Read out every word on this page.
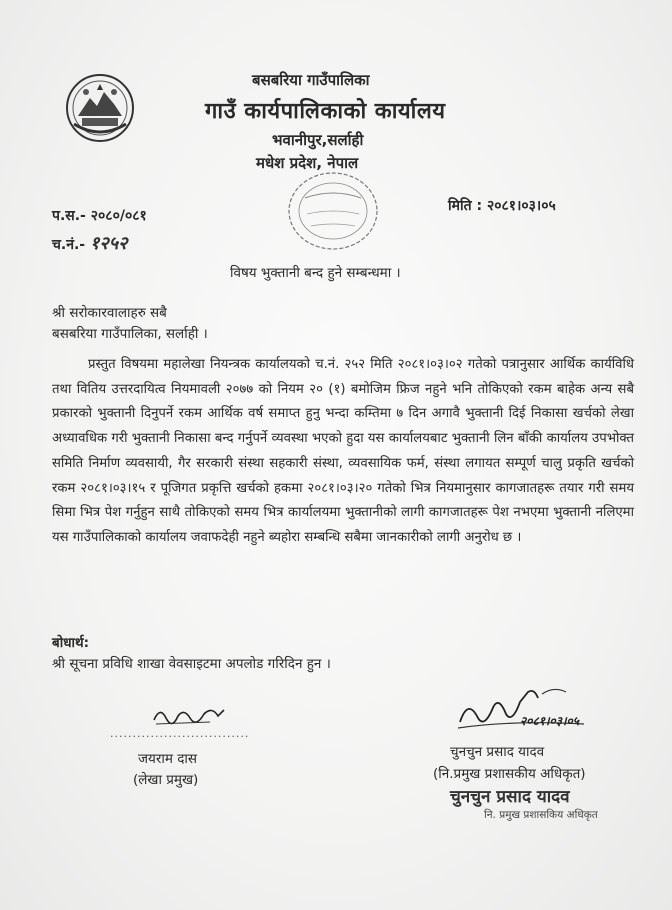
बसबरिया गाउँपालिका
गाउँ कार्यपालिकाको कार्यालय
भवानीपुर,सर्लाही
मधेश प्रदेश, नेपाल
मिति : २०८१।०३।०५
प.स.- २०८०/०८१
च.नं.- १२५२
विषय भुक्तानी बन्द हुने सम्बन्धमा ।
श्री सरोकारवालाहरु सबै
बसबरिया गाउँपालिका, सर्लाही ।
प्रस्तुत विषयमा महालेखा नियन्त्रक कार्यालयको च.नं. २५२ मिति २०८१।०३।०२ गतेको पत्रानुसार आर्थिक कार्यविधि तथा वितिय उत्तरदायित्व नियमावली २०७७ को नियम २० (१) बमोजिम फ्रिज नहुने भनि तोकिएको रकम बाहेक अन्य सबै प्रकारको भुक्तानी दिनुपर्ने रकम आर्थिक वर्ष समाप्त हुनु भन्दा कम्तिमा ७ दिन अगावै भुक्तानी दिई निकासा खर्चको लेखा अध्यावधिक गरी भुक्तानी निकासा बन्द गर्नुपर्ने व्यवस्था भएको हुदा यस कार्यालयबाट भुक्तानी लिन बाँकी कार्यालय उपभोक्त समिति निर्माण व्यवसायी, गैर सरकारी संस्था सहकारी संस्था, व्यवसायिक फर्म, संस्था लगायत सम्पूर्ण चालु प्रकृति खर्चको रकम २०८१।०३।१५ र पूजिगत प्रकृत्ति खर्चको हकमा २०८१।०३।२० गतेको भित्र नियमानुसार कागजातहरू तयार गरी समय सिमा भित्र पेश गर्नुहुन साथै तोकिएको समय भित्र कार्यालयमा भुक्तानीको लागी कागजातहरू पेश नभएमा भुक्तानी नलिएमा यस गाउँपालिकाको कार्यालय जवाफदेही नहुने ब्यहोरा सम्बन्धि सबैमा जानकारीको लागी अनुरोध छ ।
बोधार्थ:
श्री सूचना प्रविधि शाखा वेवसाइटमा अपलोड गरिदिन हुन ।
...............................
जयराम दास
(लेखा प्रमुख)
२०८१।०३।०५
चुनचुन प्रसाद यादव
(नि.प्रमुख प्रशासकीय अधिकृत)
चुनचुन प्रसाद यादव
नि. प्रमुख प्रशासकिय अधिकृत
